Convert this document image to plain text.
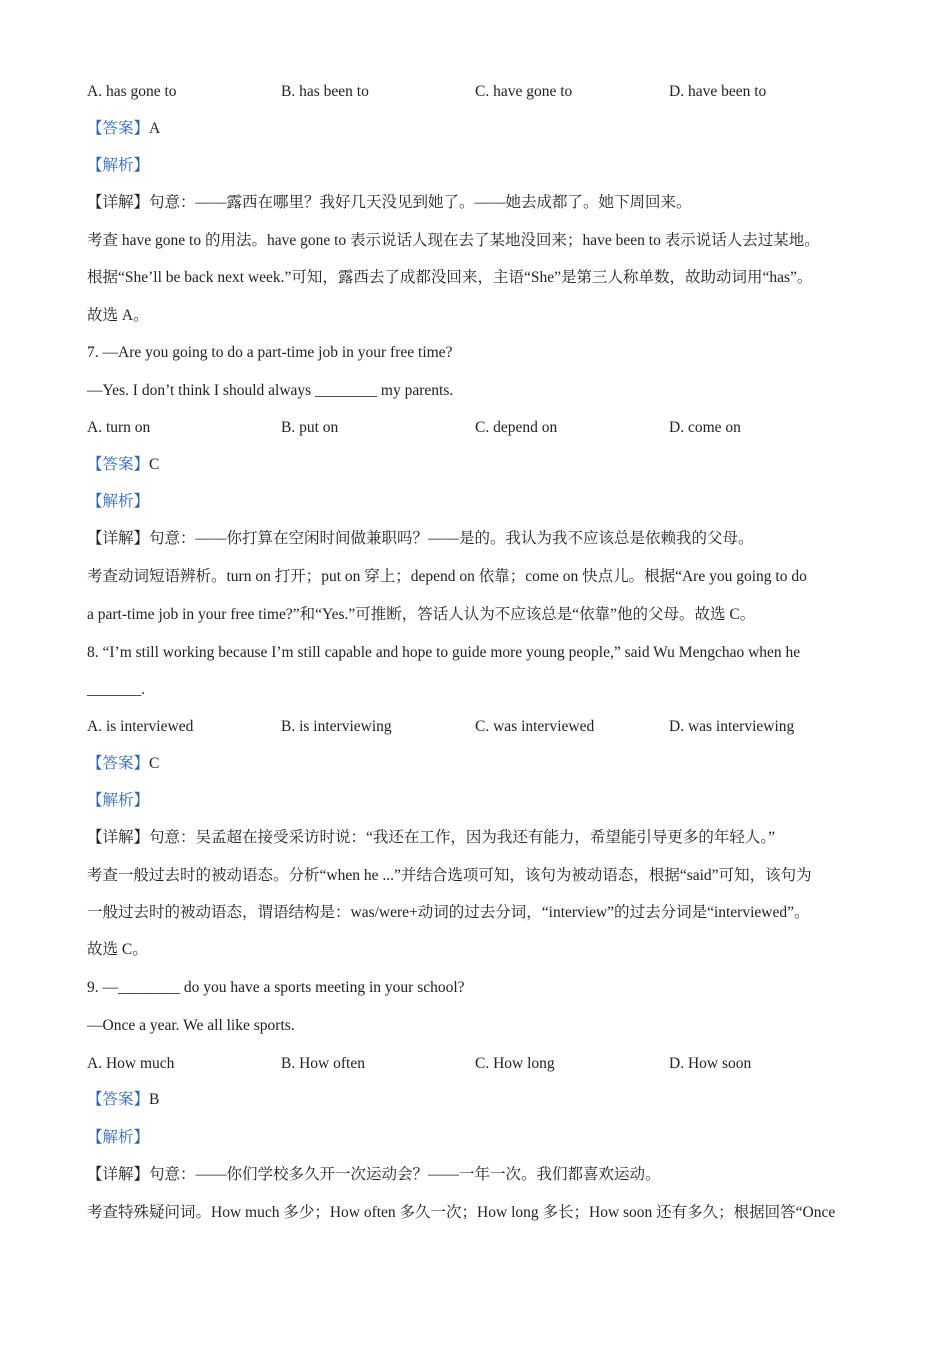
A. has gone to	B. has been to	C. have gone to	D. have been to
【答案】A
【解析】
【详解】句意：——露西在哪里？我好几天没见到她了。——她去成都了。她下周回来。
考查 have gone to 的用法。have gone to 表示说话人现在去了某地没回来；have been to 表示说话人去过某地。
根据“She’ll be back next week.”可知，露西去了成都没回来，主语“She”是第三人称单数，故助动词用“has”。
故选 A。
7. —Are you going to do a part-time job in your free time?
—Yes. I don’t think I should always ________ my parents.
A. turn on	B. put on	C. depend on	D. come on
【答案】C
【解析】
【详解】句意：——你打算在空闲时间做兼职吗？——是的。我认为我不应该总是依赖我的父母。
考查动词短语辨析。turn on 打开；put on 穿上；depend on 依靠；come on 快点儿。根据“Are you going to do
a part-time job in your free time?”和“Yes.”可推断，答话人认为不应该总是“依靠”他的父母。故选 C。
8. “I’m still working because I’m still capable and hope to guide more young people,” said Wu Mengchao when he
_______.
A. is interviewed	B. is interviewing	C. was interviewed	D. was interviewing
【答案】C
【解析】
【详解】句意：吴孟超在接受采访时说：“我还在工作，因为我还有能力，希望能引导更多的年轻人。”
考查一般过去时的被动语态。分析“when he ...”并结合选项可知，该句为被动语态，根据“said”可知，该句为
一般过去时的被动语态，谓语结构是：was/were+动词的过去分词，“interview”的过去分词是“interviewed”。
故选 C。
9. —________ do you have a sports meeting in your school?
—Once a year. We all like sports.
A. How much	B. How often	C. How long	D. How soon
【答案】B
【解析】
【详解】句意：——你们学校多久开一次运动会？——一年一次。我们都喜欢运动。
考查特殊疑问词。How much 多少；How often 多久一次；How long 多长；How soon 还有多久；根据回答“Once
